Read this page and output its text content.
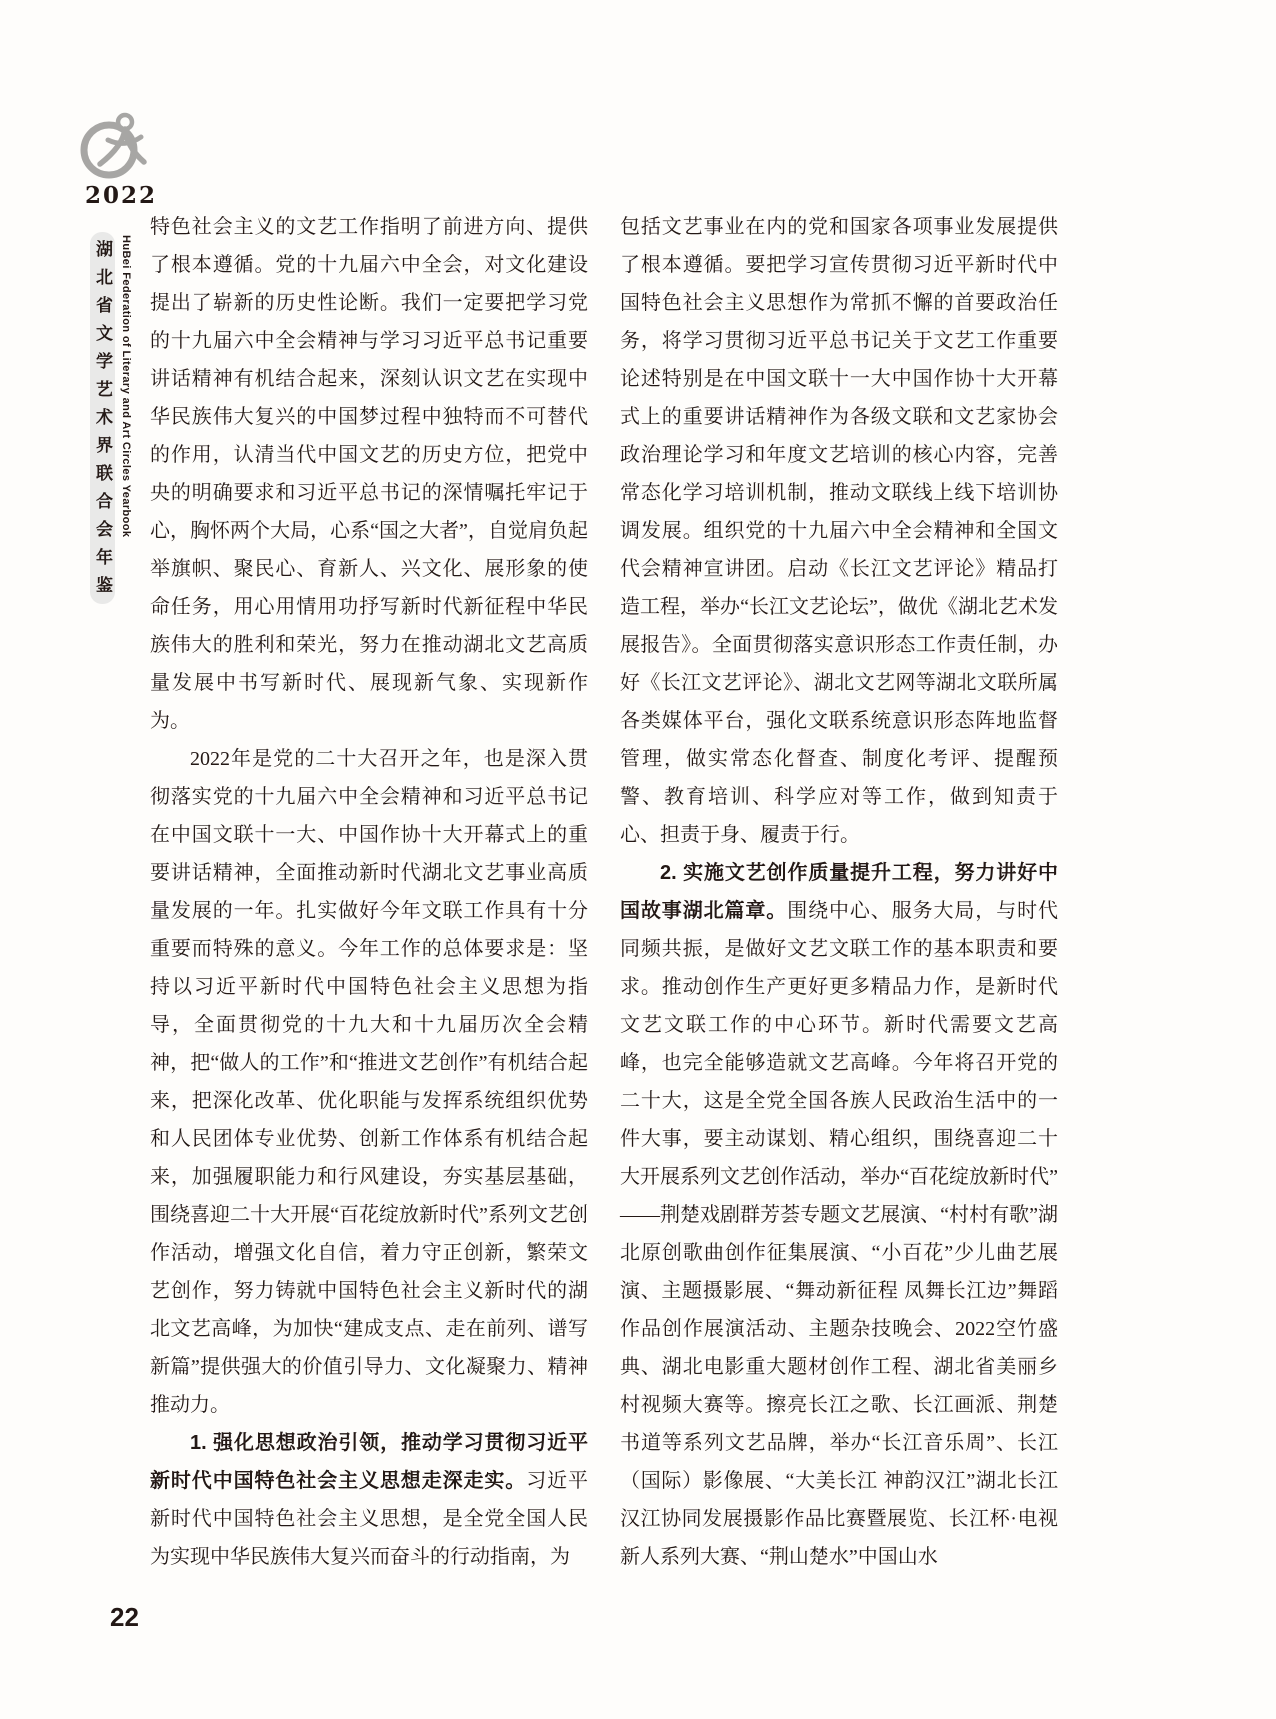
2022
湖北省文学艺术界联合会年鉴 HuBei Federation of Literary and Art Circles Yearbook

特色社会主义的文艺工作指明了前进方向、提供了根本遵循。党的十九届六中全会，对文化建设提出了崭新的历史性论断。我们一定要把学习党的十九届六中全会精神与学习习近平总书记重要讲话精神有机结合起来，深刻认识文艺在实现中华民族伟大复兴的中国梦过程中独特而不可替代的作用，认清当代中国文艺的历史方位，把党中央的明确要求和习近平总书记的深情嘱托牢记于心，胸怀两个大局，心系“国之大者”，自觉肩负起举旗帜、聚民心、育新人、兴文化、展形象的使命任务，用心用情用功抒写新时代新征程中华民族伟大的胜利和荣光，努力在推动湖北文艺高质量发展中书写新时代、展现新气象、实现新作为。

2022年是党的二十大召开之年，也是深入贯彻落实党的十九届六中全会精神和习近平总书记在中国文联十一大、中国作协十大开幕式上的重要讲话精神，全面推动新时代湖北文艺事业高质量发展的一年。扎实做好今年文联工作具有十分重要而特殊的意义。今年工作的总体要求是：坚持以习近平新时代中国特色社会主义思想为指导，全面贯彻党的十九大和十九届历次全会精神，把“做人的工作”和“推进文艺创作”有机结合起来，把深化改革、优化职能与发挥系统组织优势和人民团体专业优势、创新工作体系有机结合起来，加强履职能力和行风建设，夯实基层基础，围绕喜迎二十大开展“百花绽放新时代”系列文艺创作活动，增强文化自信，着力守正创新，繁荣文艺创作，努力铸就中国特色社会主义新时代的湖北文艺高峰，为加快“建成支点、走在前列、谱写新篇”提供强大的价值引导力、文化凝聚力、精神推动力。

1. 强化思想政治引领，推动学习贯彻习近平新时代中国特色社会主义思想走深走实。习近平新时代中国特色社会主义思想，是全党全国人民为实现中华民族伟大复兴而奋斗的行动指南，为

包括文艺事业在内的党和国家各项事业发展提供了根本遵循。要把学习宣传贯彻习近平新时代中国特色社会主义思想作为常抓不懈的首要政治任务，将学习贯彻习近平总书记关于文艺工作重要论述特别是在中国文联十一大中国作协十大开幕式上的重要讲话精神作为各级文联和文艺家协会政治理论学习和年度文艺培训的核心内容，完善常态化学习培训机制，推动文联线上线下培训协调发展。组织党的十九届六中全会精神和全国文代会精神宣讲团。启动《长江文艺评论》精品打造工程，举办“长江文艺论坛”，做优《湖北艺术发展报告》。全面贯彻落实意识形态工作责任制，办好《长江文艺评论》、湖北文艺网等湖北文联所属各类媒体平台，强化文联系统意识形态阵地监督管理，做实常态化督查、制度化考评、提醒预警、教育培训、科学应对等工作，做到知责于心、担责于身、履责于行。

2. 实施文艺创作质量提升工程，努力讲好中国故事湖北篇章。围绕中心、服务大局，与时代同频共振，是做好文艺文联工作的基本职责和要求。推动创作生产更好更多精品力作，是新时代文艺文联工作的中心环节。新时代需要文艺高峰，也完全能够造就文艺高峰。今年将召开党的二十大，这是全党全国各族人民政治生活中的一件大事，要主动谋划、精心组织，围绕喜迎二十大开展系列文艺创作活动，举办“百花绽放新时代”——荆楚戏剧群芳荟专题文艺展演、“村村有歌”湖北原创歌曲创作征集展演、“小百花”少儿曲艺展演、主题摄影展、“舞动新征程 凤舞长江边”舞蹈作品创作展演活动、主题杂技晚会、2022空竹盛典、湖北电影重大题材创作工程、湖北省美丽乡村视频大赛等。擦亮长江之歌、长江画派、荆楚书道等系列文艺品牌，举办“长江音乐周”、长江（国际）影像展、“大美长江 神韵汉江”湖北长江汉江协同发展摄影作品比赛暨展览、长江杯·电视新人系列大赛、“荆山楚水”中国山水

22
